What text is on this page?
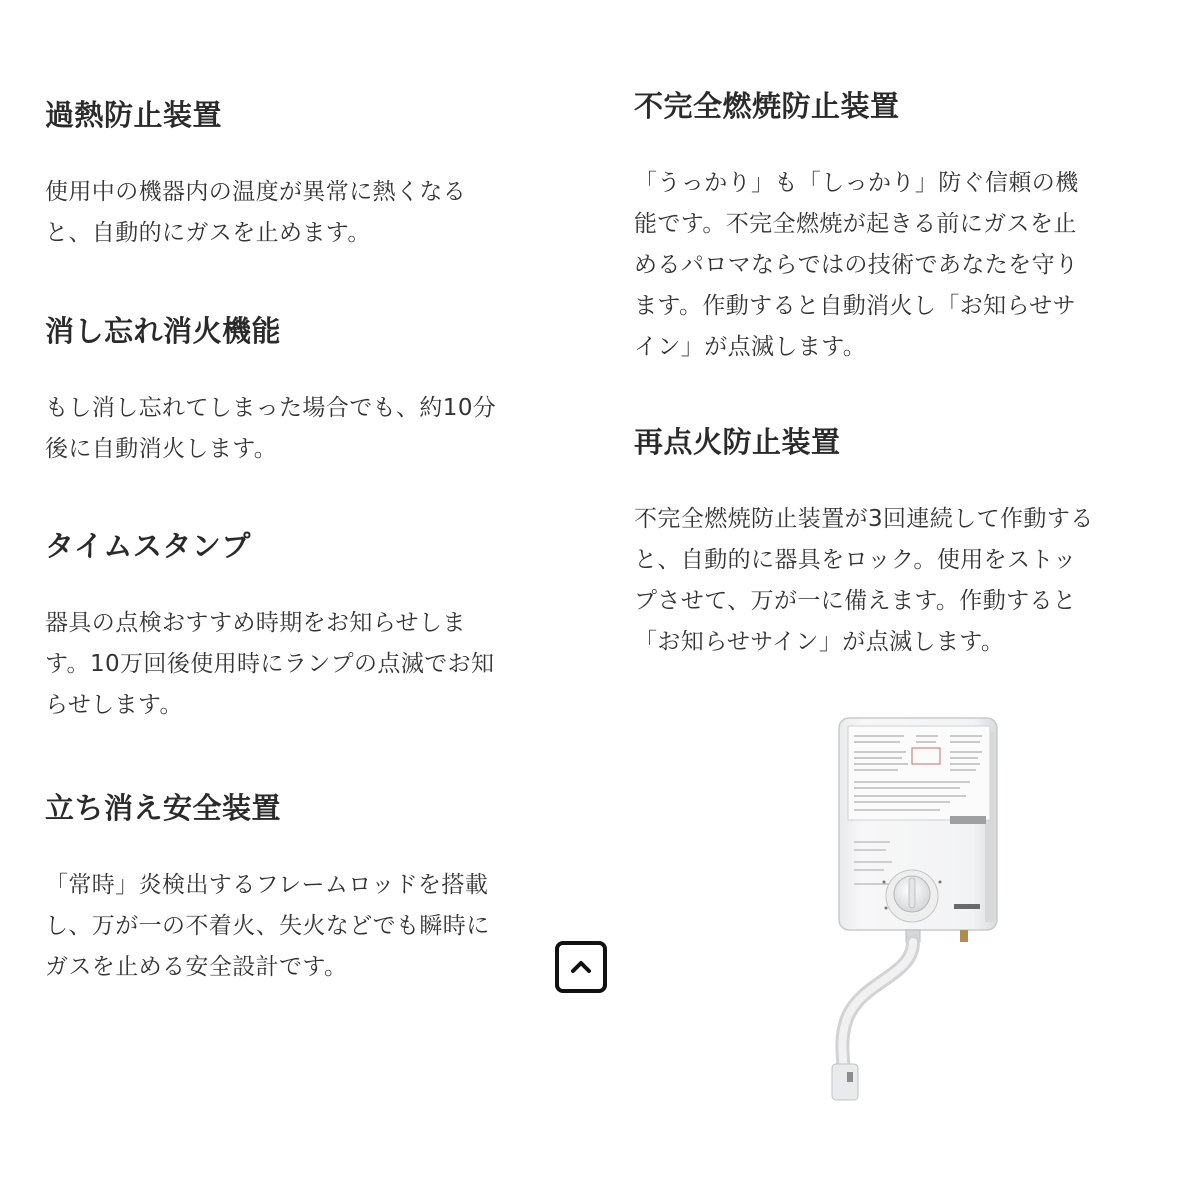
過熱防止装置

使用中の機器内の温度が異常に熱くなる
と、自動的にガスを止めます。

消し忘れ消火機能

もし消し忘れてしまった場合でも、約10分
後に自動消火します。

タイムスタンプ

器具の点検おすすめ時期をお知らせしま
す。10万回後使用時にランプの点滅でお知
らせします。

立ち消え安全装置

「常時」炎検出するフレームロッドを搭載
し、万が一の不着火、失火などでも瞬時に
ガスを止める安全設計です。

不完全燃焼防止装置

「うっかり」も「しっかり」防ぐ信頼の機
能です。不完全燃焼が起きる前にガスを止
めるパロマならではの技術であなたを守り
ます。作動すると自動消火し「お知らせサ
イン」が点滅します。

再点火防止装置

不完全燃焼防止装置が3回連続して作動する
と、自動的に器具をロック。使用をストッ
プさせて、万が一に備えます。作動すると
「お知らせサイン」が点滅します。
